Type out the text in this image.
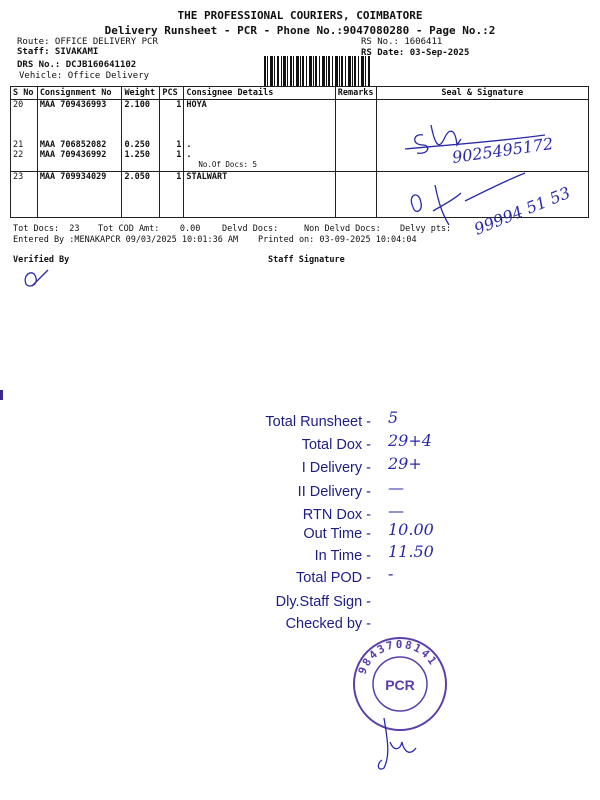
THE PROFESSIONAL COURIERS, COIMBATORE
Delivery Runsheet - PCR - Phone No.:9047080280 - Page No.:2
Route: OFFICE DELIVERY PCR
Staff: SIVAKAMI
DRS No.: DCJB160641102
Vehicle: Office Delivery

RS No.: 1606411
RS Date: 03-Sep-2025
S No	Consignment No	Weight	PCS	Consignee Details	Remarks	Seal & Signature
20	MAA 709436993	2.100	1	HOYA		
21	MAA 706852082	0.250	1	.		
22	MAA 709436992	1.250	1	.
No.Of Docs: 5		

23	MAA 709934029	2.050	1	STALWART		
9025495172
99994 51 53
Tot Docs:  23 Tot COD Amt:    0.00	Delvd Docs:	Non Delvd Docs: Delvy pts:
Entered By :MENAKAPCR 09/03/2025 10:01:36 AM Printed on: 03-09-2025 10:04:04
Verified By	Staff Signature
Total Runsheet - 5
Total Dox - 29+4
I Delivery - 29+
II Delivery - —
RTN Dox - —
Out Time - 10.00
In Time - 11.50
Total POD - -
Dly.Staff Sign -
Checked by -
9843708141
PCR
